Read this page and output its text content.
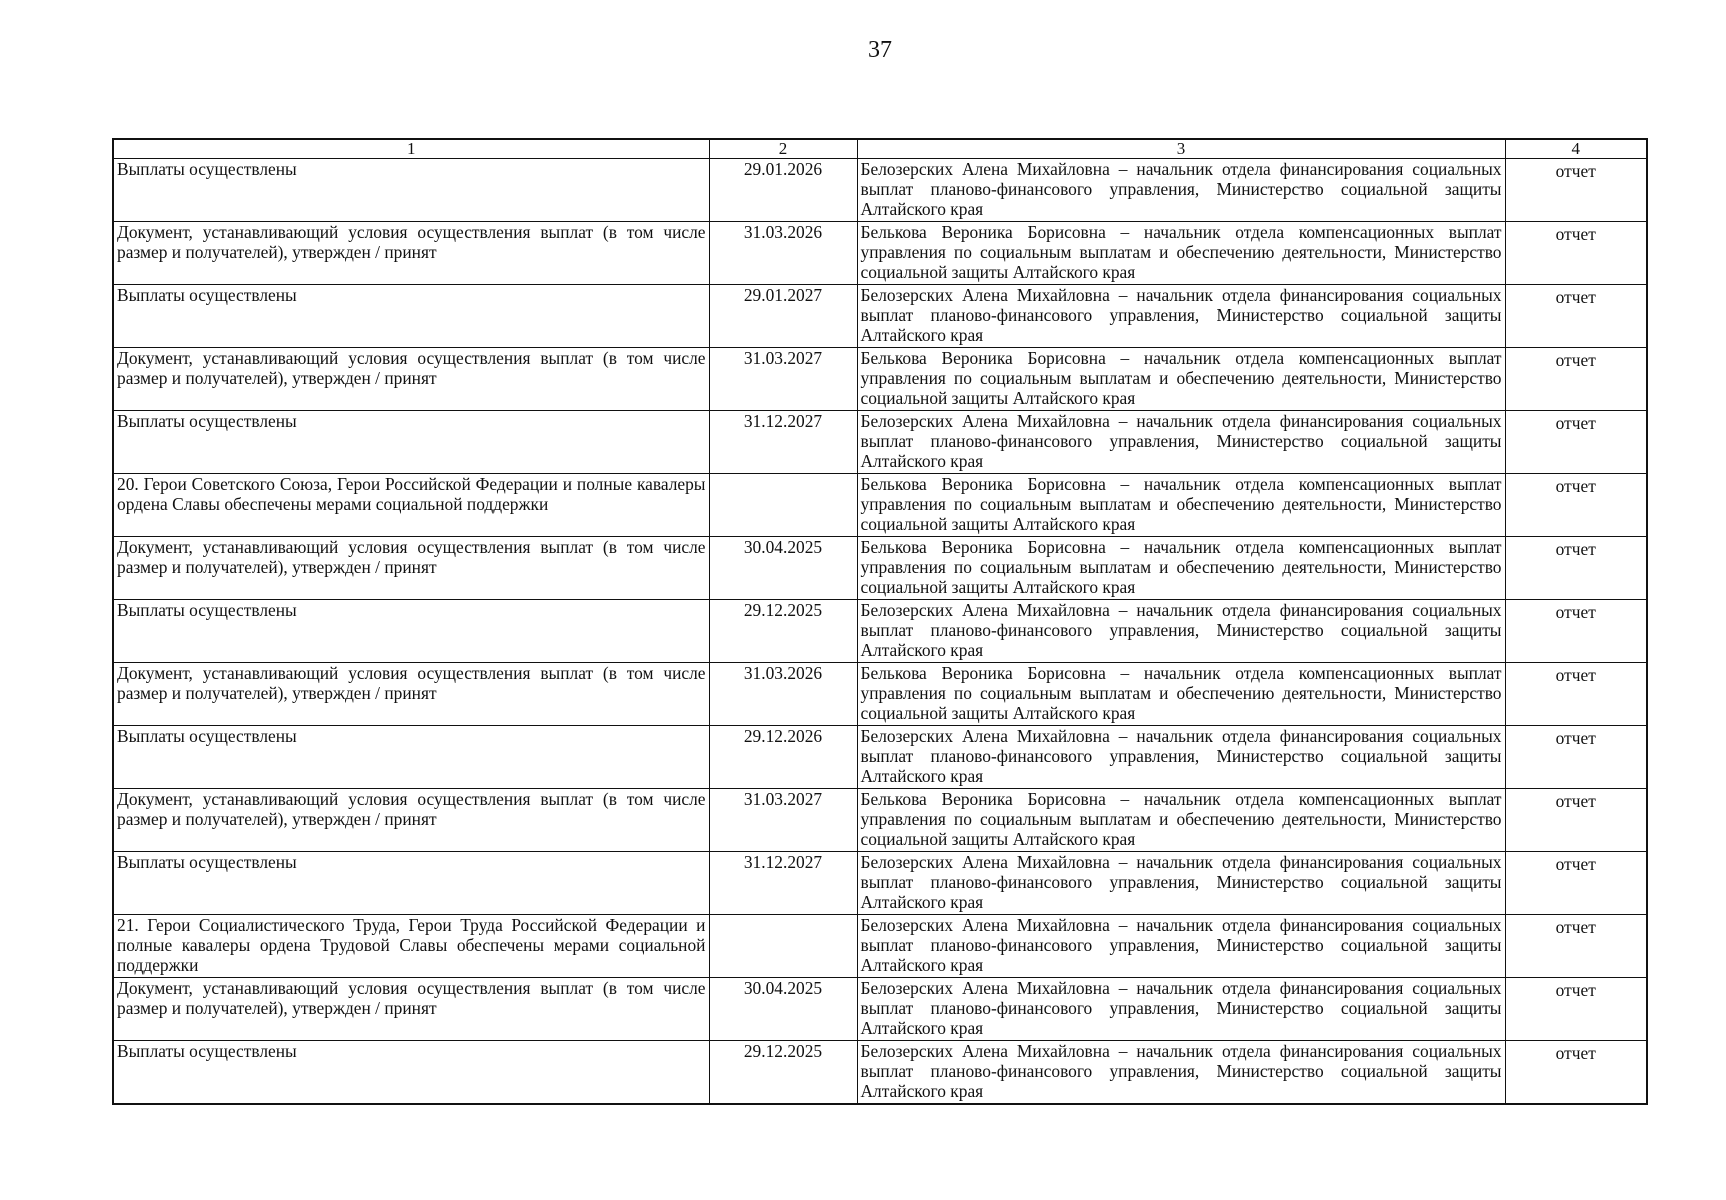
37
1	2	3	4
Выплаты осуществлены	29.01.2026	Белозерских Алена Михайловна – начальник отдела финансирования социальных выплат планово-финансового управления, Министерство социальной защиты Алтайского края	отчет
Документ, устанавливающий условия осуществления выплат (в том числе размер и получателей), утвержден / принят	31.03.2026	Белькова Вероника Борисовна – начальник отдела компенсационных выплат управления по социальным выплатам и обеспечению деятельности, Министерство социальной защиты Алтайского края	отчет
Выплаты осуществлены	29.01.2027	Белозерских Алена Михайловна – начальник отдела финансирования социальных выплат планово-финансового управления, Министерство социальной защиты Алтайского края	отчет
Документ, устанавливающий условия осуществления выплат (в том числе размер и получателей), утвержден / принят	31.03.2027	Белькова Вероника Борисовна – начальник отдела компенсационных выплат управления по социальным выплатам и обеспечению деятельности, Министерство социальной защиты Алтайского края	отчет
Выплаты осуществлены	31.12.2027	Белозерских Алена Михайловна – начальник отдела финансирования социальных выплат планово-финансового управления, Министерство социальной защиты Алтайского края	отчет
20. Герои Советского Союза, Герои Российской Федерации и полные кавалеры ордена Славы обеспечены мерами социальной поддержки		Белькова Вероника Борисовна – начальник отдела компенсационных выплат управления по социальным выплатам и обеспечению деятельности, Министерство социальной защиты Алтайского края	отчет
Документ, устанавливающий условия осуществления выплат (в том числе размер и получателей), утвержден / принят	30.04.2025	Белькова Вероника Борисовна – начальник отдела компенсационных выплат управления по социальным выплатам и обеспечению деятельности, Министерство социальной защиты Алтайского края	отчет
Выплаты осуществлены	29.12.2025	Белозерских Алена Михайловна – начальник отдела финансирования социальных выплат планово-финансового управления, Министерство социальной защиты Алтайского края	отчет
Документ, устанавливающий условия осуществления выплат (в том числе размер и получателей), утвержден / принят	31.03.2026	Белькова Вероника Борисовна – начальник отдела компенсационных выплат управления по социальным выплатам и обеспечению деятельности, Министерство социальной защиты Алтайского края	отчет
Выплаты осуществлены	29.12.2026	Белозерских Алена Михайловна – начальник отдела финансирования социальных выплат планово-финансового управления, Министерство социальной защиты Алтайского края	отчет
Документ, устанавливающий условия осуществления выплат (в том числе размер и получателей), утвержден / принят	31.03.2027	Белькова Вероника Борисовна – начальник отдела компенсационных выплат управления по социальным выплатам и обеспечению деятельности, Министерство социальной защиты Алтайского края	отчет
Выплаты осуществлены	31.12.2027	Белозерских Алена Михайловна – начальник отдела финансирования социальных выплат планово-финансового управления, Министерство социальной защиты Алтайского края	отчет
21. Герои Социалистического Труда, Герои Труда Российской Федерации и полные кавалеры ордена Трудовой Славы обеспечены мерами социальной поддержки		Белозерских Алена Михайловна – начальник отдела финансирования социальных выплат планово-финансового управления, Министерство социальной защиты Алтайского края	отчет
Документ, устанавливающий условия осуществления выплат (в том числе размер и получателей), утвержден / принят	30.04.2025	Белозерских Алена Михайловна – начальник отдела финансирования социальных выплат планово-финансового управления, Министерство социальной защиты Алтайского края	отчет
Выплаты осуществлены	29.12.2025	Белозерских Алена Михайловна – начальник отдела финансирования социальных выплат планово-финансового управления, Министерство социальной защиты Алтайского края	отчет
